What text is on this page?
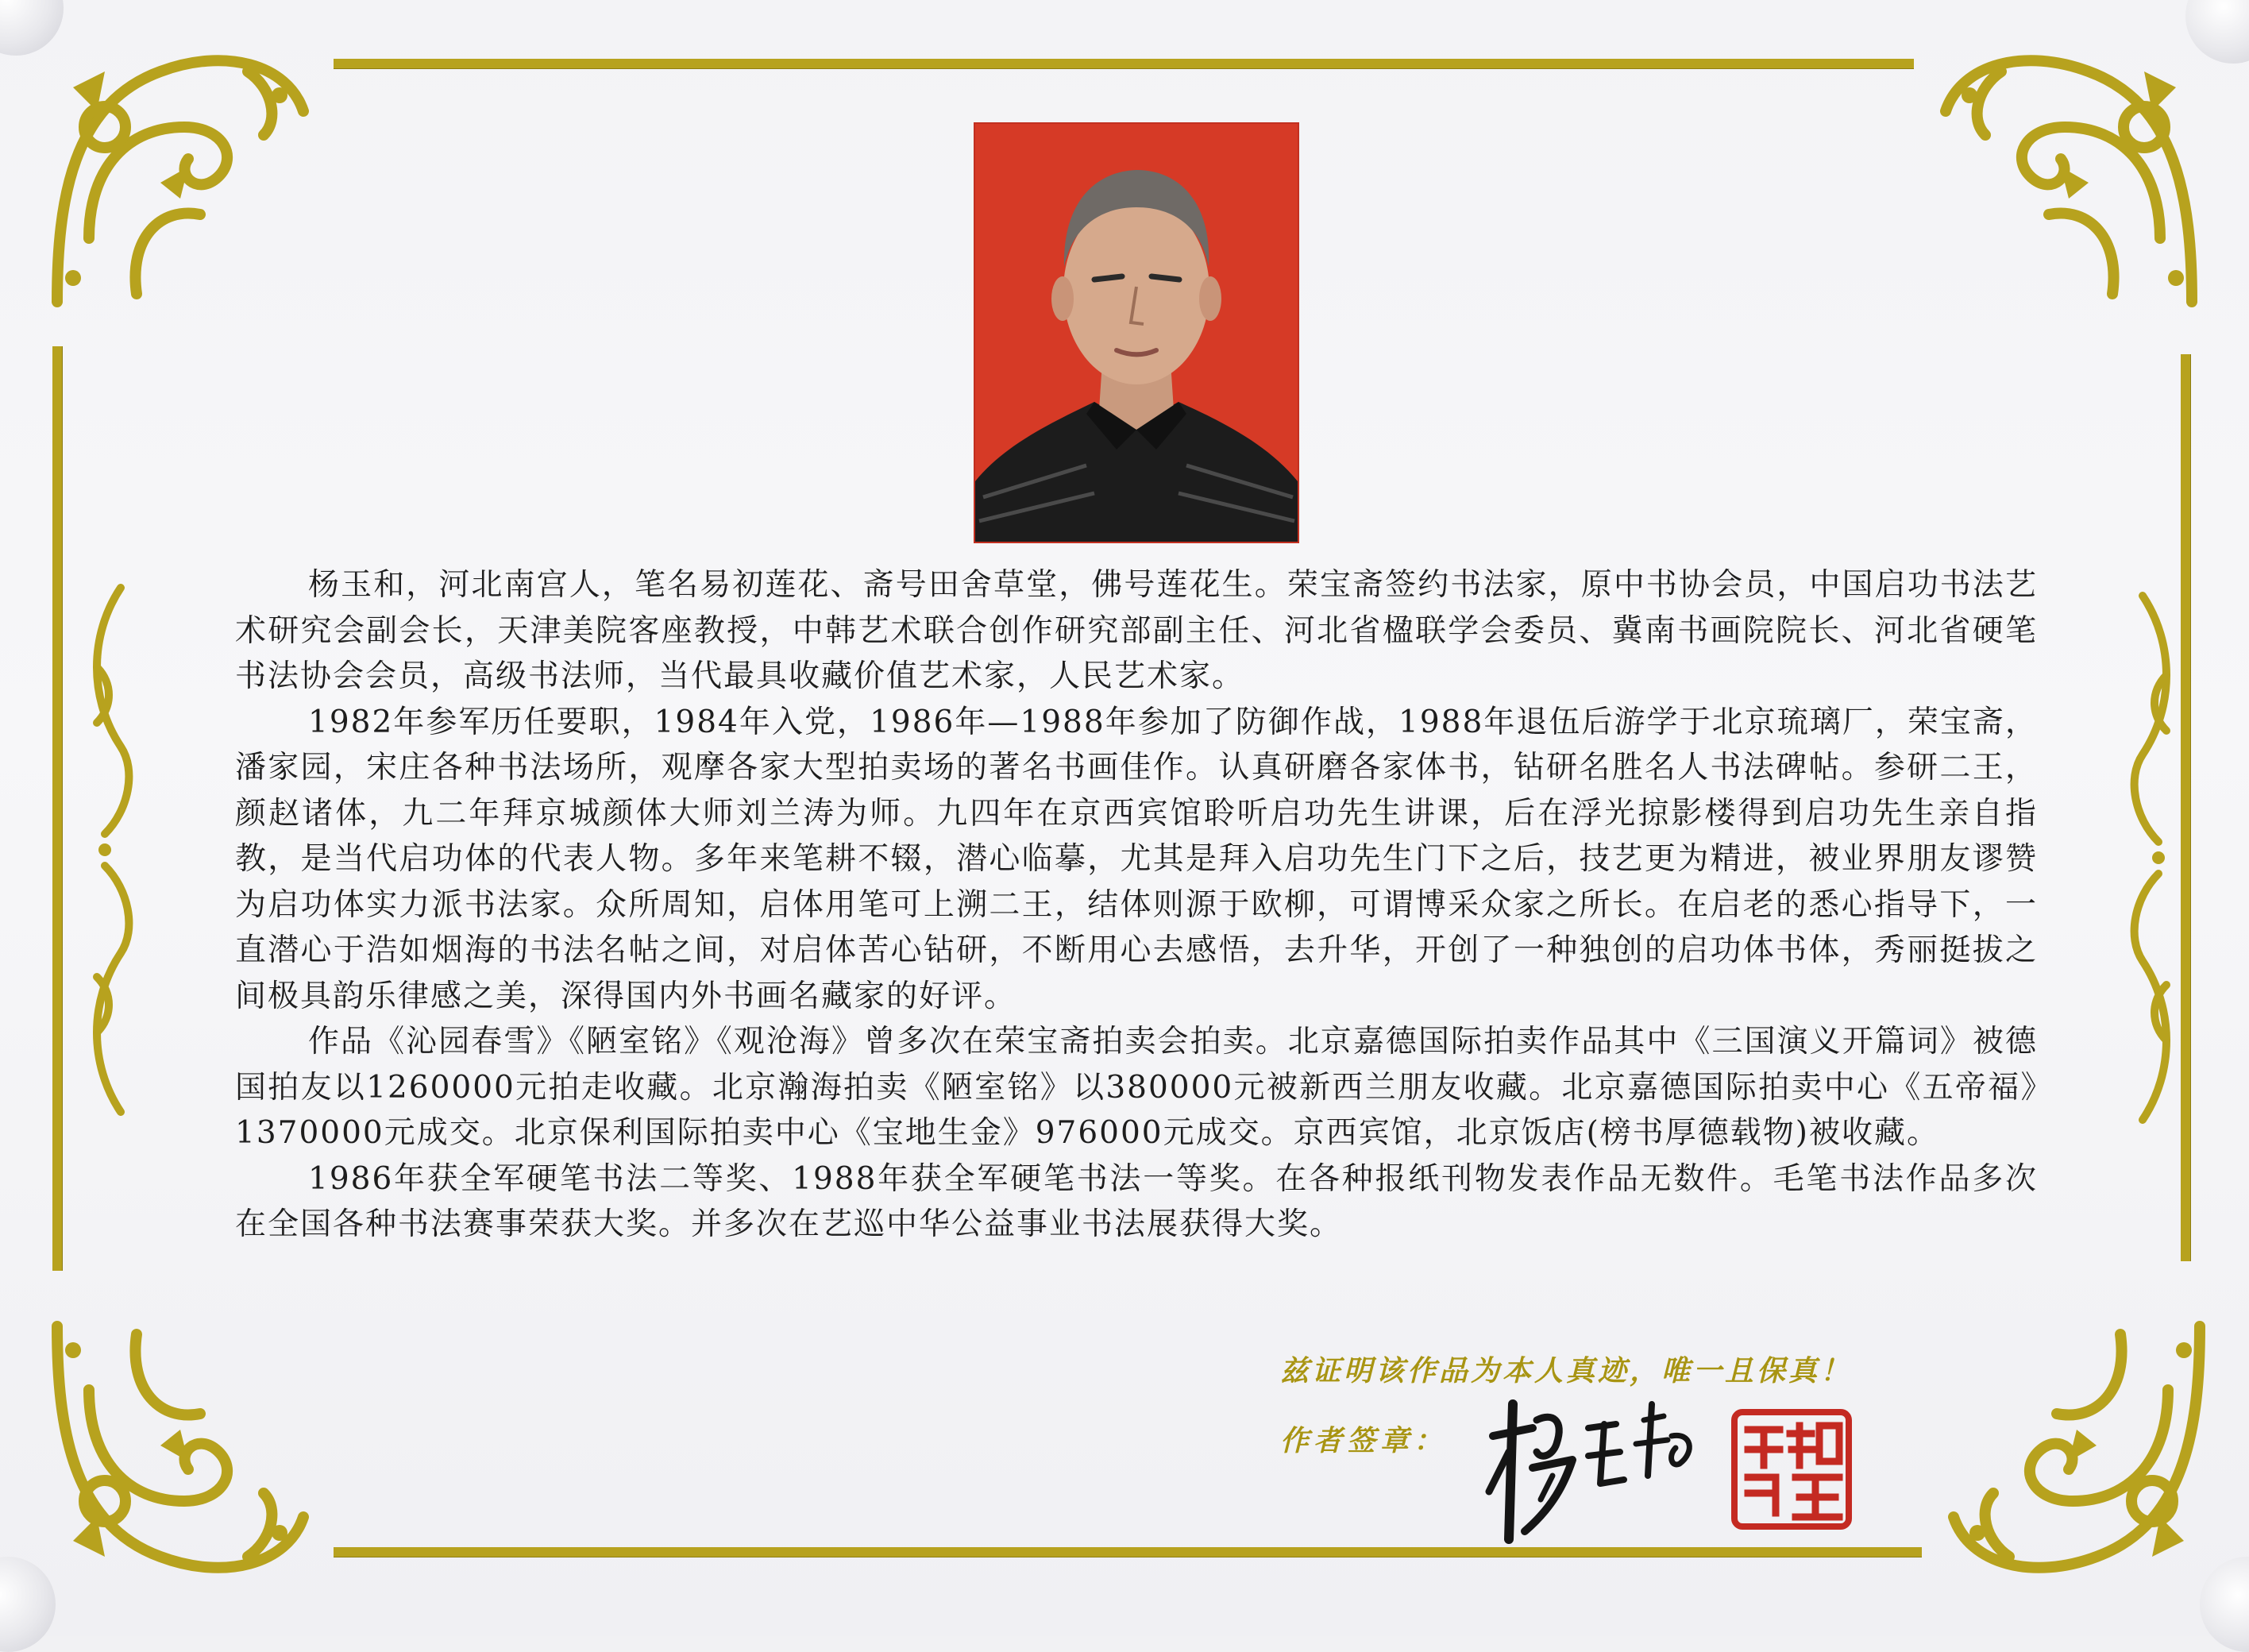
杨玉和，河北南宫人，笔名易初莲花、斋号田舍草堂，佛号莲花生。荣宝斋签约书法家，原中书协会员，中国启功书法艺术研究会副会长，天津美院客座教授，中韩艺术联合创作研究部副主任、河北省楹联学会委员、冀南书画院院长、河北省硬笔书法协会会员，高级书法师，当代最具收藏价值艺术家，人民艺术家。

1982年参军历任要职，1984年入党，1986年—1988年参加了防御作战，1988年退伍后游学于北京琉璃厂，荣宝斋，潘家园，宋庄各种书法场所，观摩各家大型拍卖场的著名书画佳作。认真研磨各家体书，钻研名胜名人书法碑帖。参研二王，颜赵诸体，九二年拜京城颜体大师刘兰涛为师。九四年在京西宾馆聆听启功先生讲课，后在浮光掠影楼得到启功先生亲自指教，是当代启功体的代表人物。多年来笔耕不辍，潜心临摹，尤其是拜入启功先生门下之后，技艺更为精进，被业界朋友谬赞为启功体实力派书法家。众所周知，启体用笔可上溯二王，结体则源于欧柳，可谓博采众家之所长。在启老的悉心指导下，一直潜心于浩如烟海的书法名帖之间，对启体苦心钻研，不断用心去感悟，去升华，开创了一种独创的启功体书体，秀丽挺拔之间极具韵乐律感之美，深得国内外书画名藏家的好评。

作品《沁园春雪》《陋室铭》《观沧海》曾多次在荣宝斋拍卖会拍卖。北京嘉德国际拍卖作品其中《三国演义开篇词》被德国拍友以1260000元拍走收藏。北京瀚海拍卖《陋室铭》以380000元被新西兰朋友收藏。北京嘉德国际拍卖中心《五帝福》1370000元成交。北京保利国际拍卖中心《宝地生金》976000元成交。京西宾馆，北京饭店(榜书厚德载物)被收藏。

1986年获全军硬笔书法二等奖、1988年获全军硬笔书法一等奖。在各种报纸刊物发表作品无数件。毛笔书法作品多次在全国各种书法赛事荣获大奖。并多次在艺巡中华公益事业书法展获得大奖。

兹证明该作品为本人真迹，唯一且保真！
作者签章：
